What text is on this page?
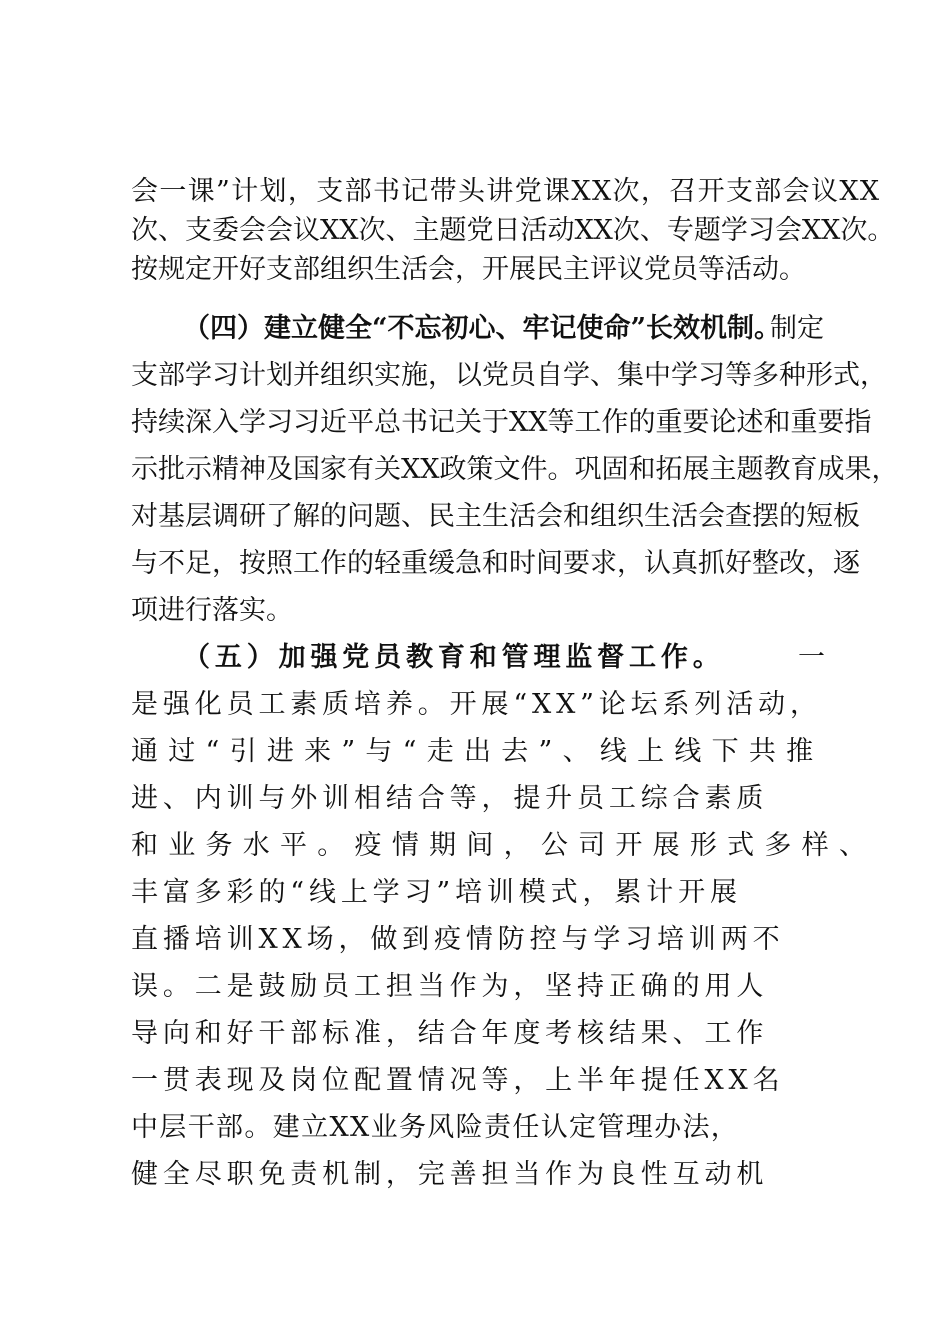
会一课”计划，支部书记带头讲党课XX次，召开支部会议XX
次、支委会会议XX次、主题党日活动XX次、专题学习会XX次。
按规定开好支部组织生活会，开展民主评议党员等活动。
（四）建立健全“不忘初心、牢记使命”长效机制。
制定
支部学习计划并组织实施，以党员自学、集中学习等多种形式，
持续深入学习习近平总书记关于XX等工作的重要论述和重要指
示批示精神及国家有关XX政策文件。巩固和拓展主题教育成果，
对基层调研了解的问题、民主生活会和组织生活会查摆的短板
与不足，按照工作的轻重缓急和时间要求，认真抓好整改，逐
项进行落实。
（五）加强党员教育和管理监督工作。	一
是强化员工素质培养。开展“XX”论坛系列活动，
通过“引进来”与“走出去”、线上线下共推
进、内训与外训相结合等，提升员工综合素质
和业务水平。疫情期间，公司开展形式多样、
丰富多彩的“线上学习”培训模式，累计开展
直播培训XX场，做到疫情防控与学习培训两不
误。二是鼓励员工担当作为，坚持正确的用人
导向和好干部标准，结合年度考核结果、工作
一贯表现及岗位配置情况等，上半年提任XX名
中层干部。建立XX业务风险责任认定管理办法，
健全尽职免责机制，完善担当作为良性互动机
